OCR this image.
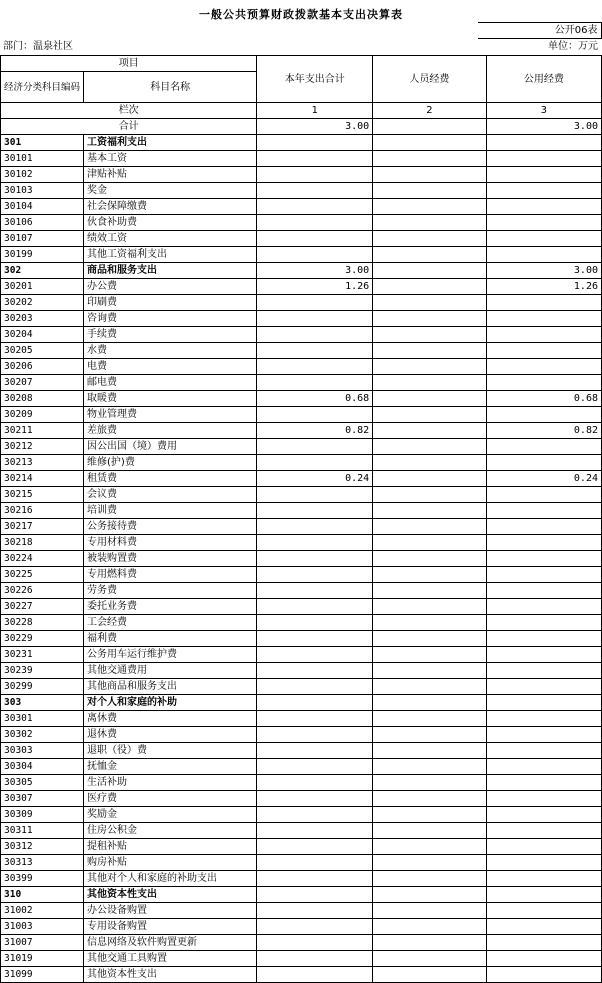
一般公共预算财政拨款基本支出决算表
	公开06表
部门：温泉社区	单位：万元
项目		本年支出合计	人员经费	公用经费
经济分类科目编码	科目名称			
栏次		1	2	3
合计		3.00		3.00
301	工资福利支出			
30101	基本工资			
30102	津贴补贴			
30103	奖金			
30104	社会保障缴费			
30106	伙食补助费			
30107	绩效工资			
30199	其他工资福利支出			
302	商品和服务支出	3.00		3.00
30201	办公费	1.26		1.26
30202	印刷费			
30203	咨询费			
30204	手续费			
30205	水费			
30206	电费			
30207	邮电费			
30208	取暖费	0.68		0.68
30209	物业管理费			
30211	差旅费	0.82		0.82
30212	因公出国（境）费用			
30213	维修(护)费			
30214	租赁费	0.24		0.24
30215	会议费			
30216	培训费			
30217	公务接待费			
30218	专用材料费			
30224	被装购置费			
30225	专用燃料费			
30226	劳务费			
30227	委托业务费			
30228	工会经费			
30229	福利费			
30231	公务用车运行维护费			
30239	其他交通费用			
30299	其他商品和服务支出			
303	对个人和家庭的补助			
30301	离休费			
30302	退休费			
30303	退职（役）费			
30304	抚恤金			
30305	生活补助			
30307	医疗费			
30309	奖励金			
30311	住房公积金			
30312	提租补贴			
30313	购房补贴			
30399	其他对个人和家庭的补助支出			
310	其他资本性支出			
31002	办公设备购置			
31003	专用设备购置			
31007	信息网络及软件购置更新			
31019	其他交通工具购置			
31099	其他资本性支出			
